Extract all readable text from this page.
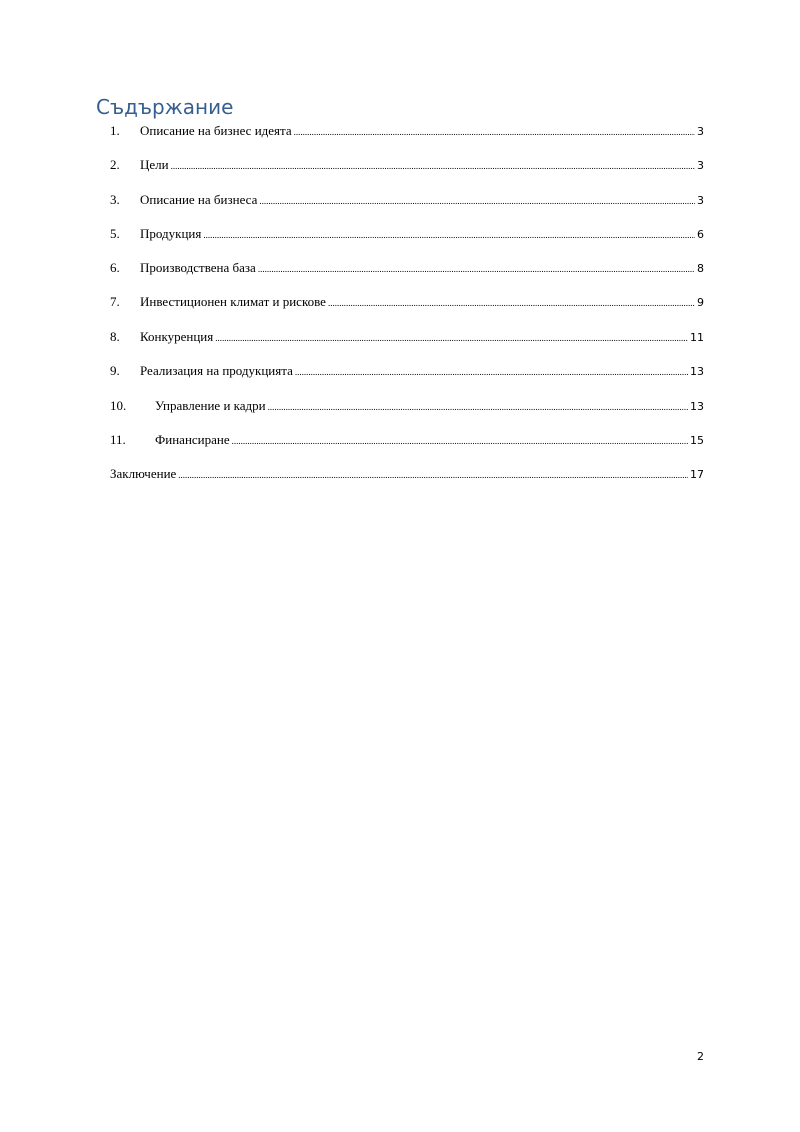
Съдържание
1.	Описание на бизнес идеята .....	3
2.	Цели .....	3
3.	Описание на бизнеса .....	3
5.	Продукция .....	6
6.	Производствена база .....	8
7.	Инвестиционен климат и рискове .....	9
8.	Конкуренция .....	11
9.	Реализация на продукцията .....	13
10.	Управление и кадри .....	13
11.	Финансиране .....	15
Заключение .....	17
2
